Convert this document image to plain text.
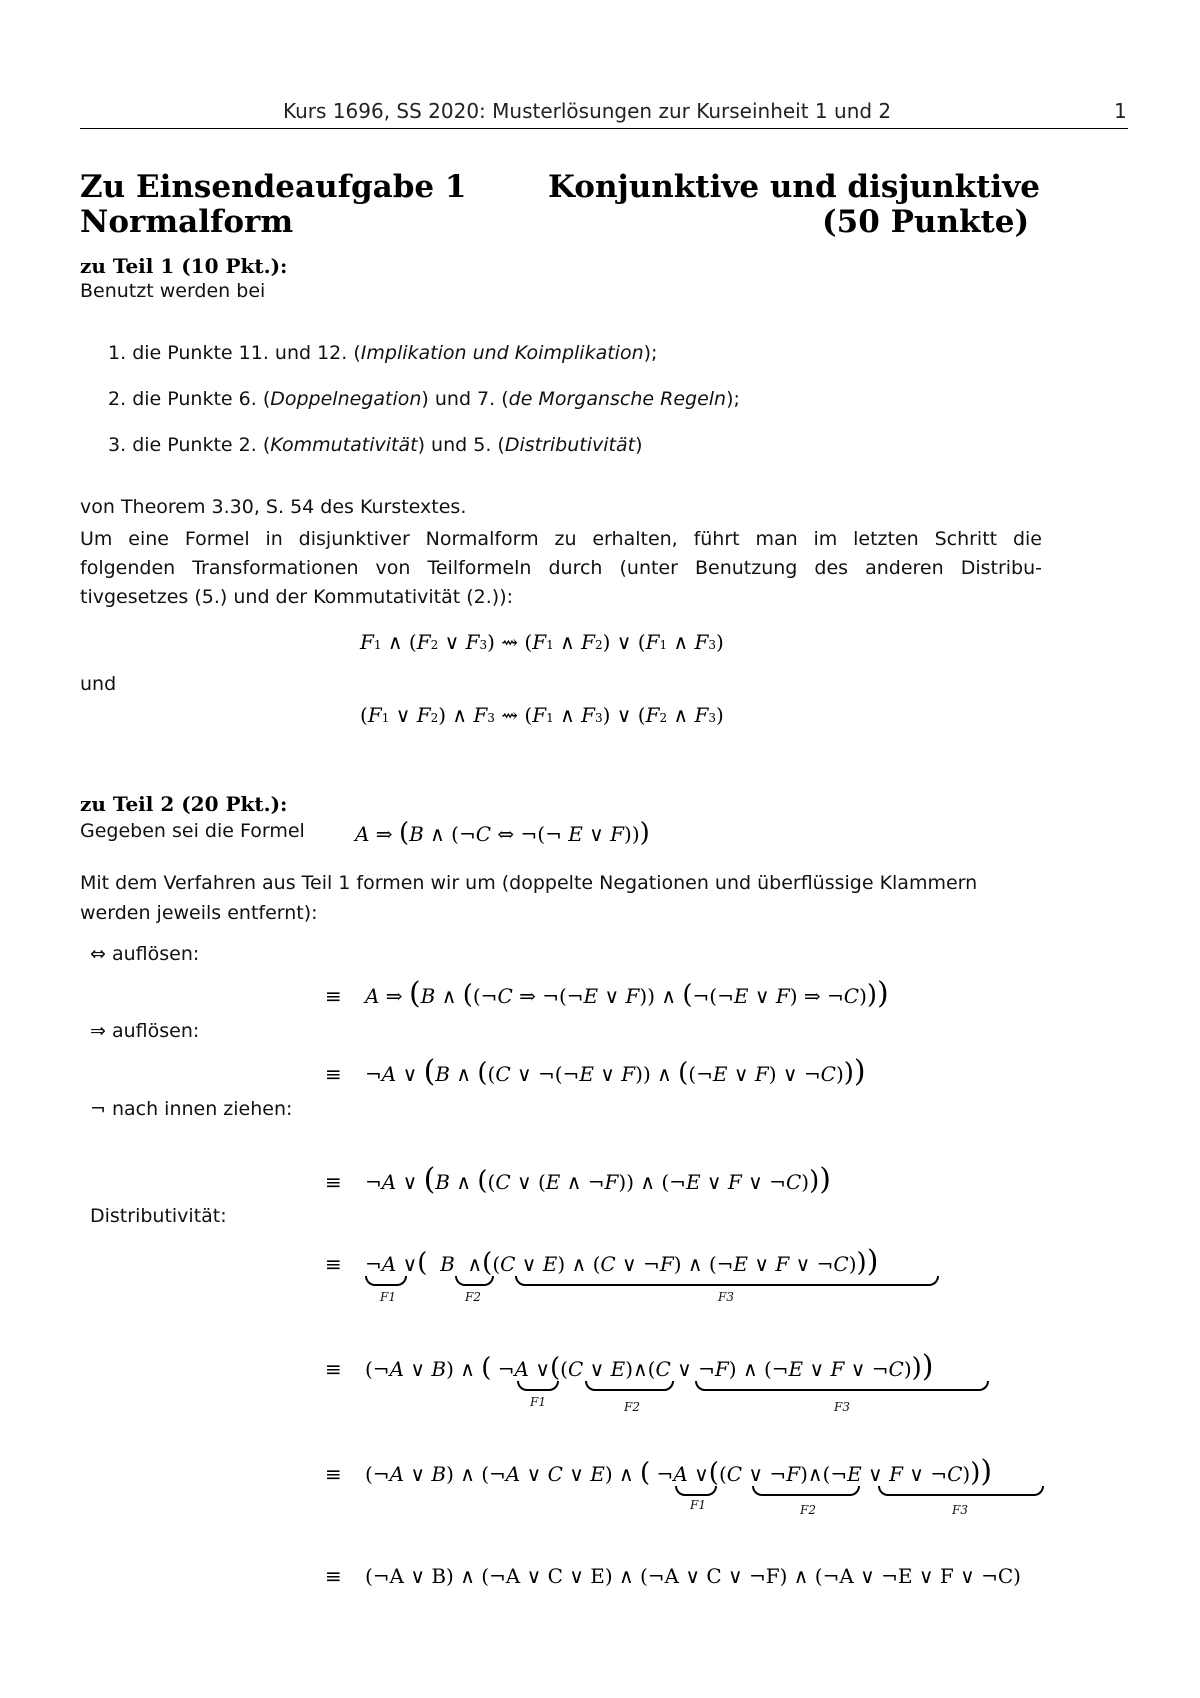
Kurs 1696, SS 2020: Musterlösungen zur Kurseinheit 1 und 2	1
Zu Einsendeaufgabe 1	Konjunktive und disjunktive
Normalform	(50 Punkte)
zu Teil 1 (10 Pkt.):
Benutzt werden bei
1. die Punkte 11. und 12. (Implikation und Koimplikation);
2. die Punkte 6. (Doppelnegation) und 7. (de Morgansche Regeln);
3. die Punkte 2. (Kommutativität) und 5. (Distributivität)
von Theorem 3.30, S. 54 des Kurstextes.
Um eine Formel in disjunktiver Normalform zu erhalten, führt man im letzten Schritt die
folgenden Transformationen von Teilformeln durch (unter Benutzung des anderen Distribu-
tivgesetzes (5.) und der Kommutativität (2.)):
F1 ∧ (F2 ∨ F3) ⇝ (F1 ∧ F2) ∨ (F1 ∧ F3)
und
(F1 ∨ F2) ∧ F3 ⇝ (F1 ∧ F3) ∨ (F2 ∧ F3)
zu Teil 2 (20 Pkt.):
Gegeben sei die Formel	A ⇒ (B ∧ (¬C ⇔ ¬(¬ E ∨ F)))
Mit dem Verfahren aus Teil 1 formen wir um (doppelte Negationen und überflüssige Klammern
werden jeweils entfernt):
⇔ auflösen:
≡ A ⇒ (B ∧ ((¬C ⇒ ¬(¬E ∨ F)) ∧ (¬(¬E ∨ F) ⇒ ¬C)))
⇒ auflösen:
≡ ¬A ∨ (B ∧ ((C ∨ ¬(¬E ∨ F)) ∧ ((¬E ∨ F) ∨ ¬C)))
¬ nach innen ziehen:
≡ ¬A ∨ (B ∧ ((C ∨ (E ∧ ¬F)) ∧ (¬E ∨ F ∨ ¬C)))
Distributivität:
≡ ¬A ∨( B  ∧((C ∨ E) ∧ (C ∨ ¬F) ∧ (¬E ∨ F ∨ ¬C)))
F1	F2	F3
≡ (¬A ∨ B) ∧ ( ¬A ∨((C ∨ E)∧(C ∨ ¬F) ∧ (¬E ∨ F ∨ ¬C)))
F1	F2	F3
≡ (¬A ∨ B) ∧ (¬A ∨ C ∨ E) ∧ ( ¬A ∨((C ∨ ¬F)∧(¬E ∨ F ∨ ¬C)))
F1	F2	F3
≡ (¬A ∨ B) ∧ (¬A ∨ C ∨ E) ∧ (¬A ∨ C ∨ ¬F) ∧ (¬A ∨ ¬E ∨ F ∨ ¬C)
